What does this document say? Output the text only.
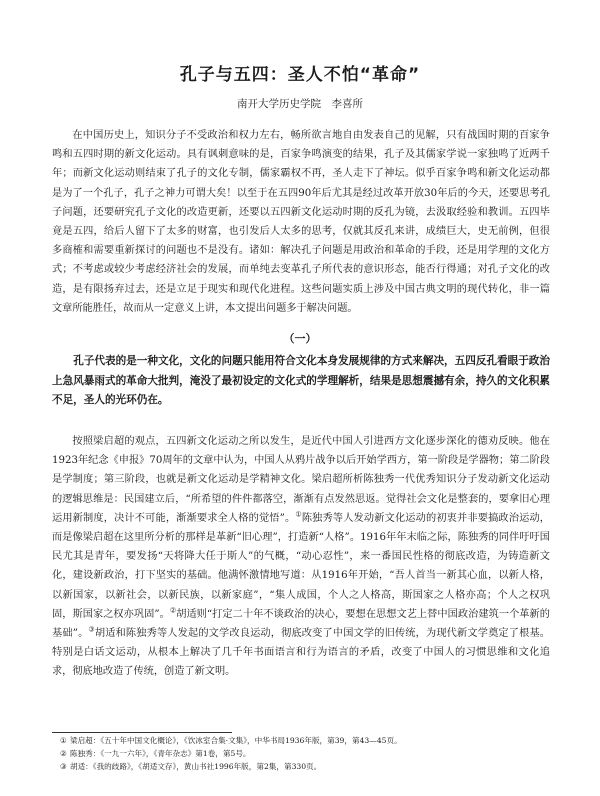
孔子与五四：圣人不怕“革命”
南开大学历史学院　李喜所

在中国历史上，知识分子不受政治和权力左右，畅所欲言地自由发表自己的见解，只有战国时期的百家争鸣和五四时期的新文化运动。具有讽刺意味的是，百家争鸣演变的结果，孔子及其儒家学说一家独鸣了近两千年；而新文化运动则结束了孔子的文化专制，儒家霸权不再，圣人走下了神坛。似乎百家争鸣和新文化运动都是为了一个孔子，孔子之神力可谓大矣！以至于在五四90年后尤其是经过改革开放30年后的今天，还要思考孔子问题，还要研究孔子文化的改造更新，还要以五四新文化运动时期的反孔为镜，去汲取经验和教训。五四毕竟是五四，给后人留下了太多的财富，也引发后人太多的思考，仅就其反孔来讲，成绩巨大，史无前例，但很多商榷和需要重新探讨的问题也不是没有。诸如：解决孔子问题是用政治和革命的手段，还是用学理的文化方式；不考虑或较少考虑经济社会的发展，而单纯去变革孔子所代表的意识形态，能否行得通；对孔子文化的改造，是有限扬弃过去，还是立足于现实和现代化进程。这些问题实质上涉及中国古典文明的现代转化，非一篇文章所能胜任，故而从一定意义上讲，本文提出问题多于解决问题。

（一）

孔子代表的是一种文化，文化的问题只能用符合文化本身发展规律的方式来解决，五四反孔看眼于政治上急风暴雨式的革命大批判，淹没了最初设定的文化式的学理解析，结果是思想震撼有余，持久的文化积累不足，圣人的光环仍在。

按照梁启超的观点，五四新文化运动之所以发生，是近代中国人引进西方文化逐步深化的德劝反映。他在1923年纪念《申报》70周年的文章中认为，中国人从鸦片战争以后开始学西方，第一阶段是学器物；第二阶段是学制度；第三阶段，也就是新文化运动是学精神文化。梁启超所析陈独秀一代优秀知识分子发动新文化运动的逻辑思维是：民国建立后，“所希望的件件都落空，渐渐有点发然思返。觉得社会文化是整套的，要拿旧心理运用新制度，决计不可能，渐渐要求全人格的觉悟”。①陈独秀等人发动新文化运动的初衷并非要搞政治运动，而是像梁启超在这里所分析的那样是革新“旧心理”，打造新“人格”。1916年年末临之际，陈独秀的同伴吁吁国民尤其是青年，要发扬“天将降大任于斯人”的气概，“动心忍性”，来一番国民性格的彻底改造，为铸造新文化，建设新政治，打下坚实的基础。他满怀激情地写道：从1916年开始，“吾人首当一新其心血，以新人格，以新国家，以新社会，以新民族，以新家庭”，“集人成国，个人之人格高，斯国家之人格亦高；个人之权巩固，斯国家之权亦巩固”。②胡适则“打定二十年不谈政治的决心，要想在思想文艺上替中国政治建筑一个革新的基础”。③胡适和陈独秀等人发起的文学改良运动，彻底改变了中国文学的旧传统，为现代新文学奠定了根基。特别是白话文运动，从根本上解决了几千年书面语言和行为语言的矛盾，改变了中国人的习惯思维和文化追求，彻底地改造了传统，创造了新文明。

① 梁启超：《五十年中国文化概论》，《饮冰室合集·文集》，中华书局1936年版，第39，第43—45页。
② 陈独秀：《一九一六年》，《青年杂志》第1卷，第5号。
③ 胡适：《我的歧路》，《胡适文存》，黄山书社1996年版，第2集，第330页。
